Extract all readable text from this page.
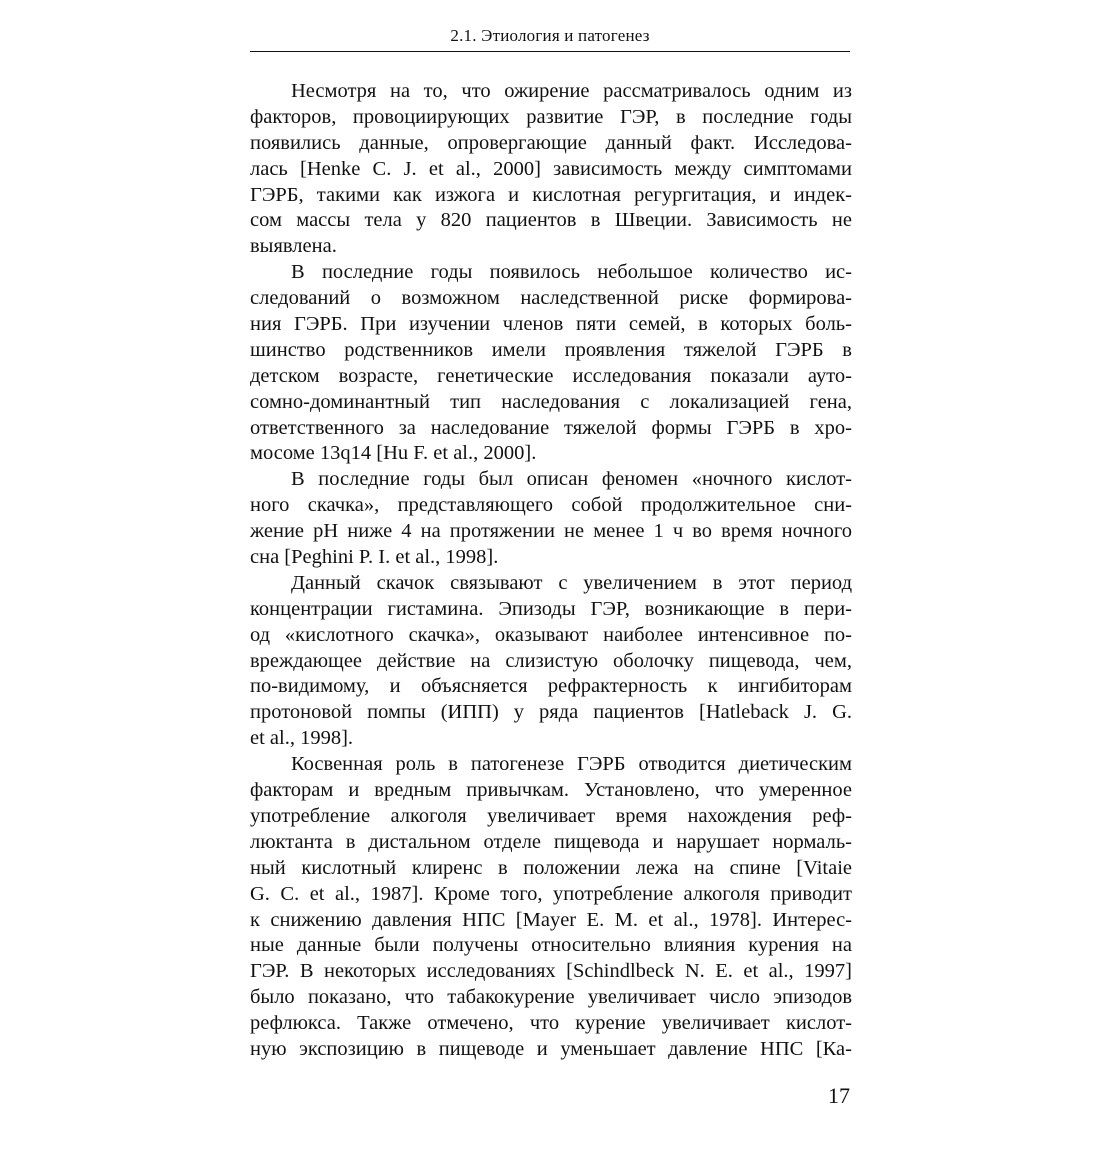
2.1. Этиология и патогенез
Несмотря на то, что ожирение рассматривалось одним из
факторов, провоциирующих развитие ГЭР, в последние годы
появились данные, опровергающие данный факт. Исследова-
лась [Henke C. J. et al., 2000] зависимость между симптомами
ГЭРБ, такими как изжога и кислотная регургитация, и индек-
сом массы тела у 820 пациентов в Швеции. Зависимость не
выявлена.
В последние годы появилось небольшое количество ис-
следований о возможном наследственной риске формирова-
ния ГЭРБ. При изучении членов пяти семей, в которых боль-
шинство родственников имели проявления тяжелой ГЭРБ в
детском возрасте, генетические исследования показали ауто-
сомно-доминантный тип наследования с локализацией гена,
ответственного за наследование тяжелой формы ГЭРБ в хро-
мосоме 13q14 [Hu F. et al., 2000].
В последние годы был описан феномен «ночного кислот-
ного скачка», представляющего собой продолжительное сни-
жение pH ниже 4 на протяжении не менее 1 ч во время ночного
сна [Peghini P. I. et al., 1998].
Данный скачок связывают с увеличением в этот период
концентрации гистамина. Эпизоды ГЭР, возникающие в пери-
од «кислотного скачка», оказывают наиболее интенсивное по-
вреждающее действие на слизистую оболочку пищевода, чем,
по-видимому, и объясняется рефрактерность к ингибиторам
протоновой помпы (ИПП) у ряда пациентов [Hatleback J. G.
et al., 1998].
Косвенная роль в патогенезе ГЭРБ отводится диетическим
факторам и вредным привычкам. Установлено, что умеренное
употребление алкоголя увеличивает время нахождения реф-
люктанта в дистальном отделе пищевода и нарушает нормаль-
ный кислотный клиренс в положении лежа на спине [Vitaie
G. C. et al., 1987]. Кроме того, употребление алкоголя приводит
к снижению давления НПС [Mayer E. M. et al., 1978]. Интерес-
ные данные были получены относительно влияния курения на
ГЭР. В некоторых исследованиях [Schindlbeck N. E. et al., 1997]
было показано, что табакокурение увеличивает число эпизодов
рефлюкса. Также отмечено, что курение увеличивает кислот-
ную экспозицию в пищеводе и уменьшает давление НПС [Ка-
17
